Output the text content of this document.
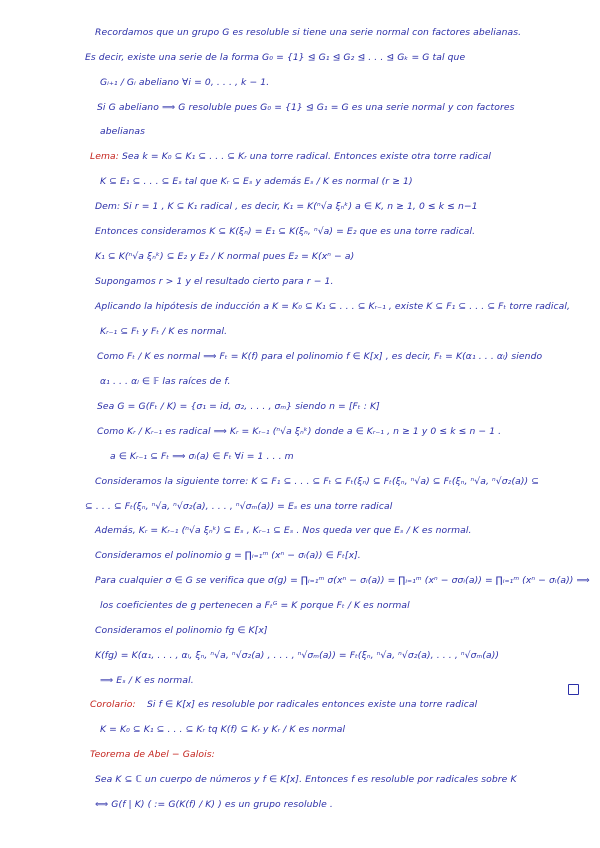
Recordamos que un grupo G es resoluble si tiene una serie normal con factores abelianas.
Es decir, existe una serie de la forma G₀ = {1} ⊴ G₁ ⊴ G₂ ⊴ . . . ⊴ Gₖ = G tal que
Gᵢ₊₁ / Gᵢ abeliano ∀i = 0, . . . , k − 1.
Si G abeliano ⟹ G resoluble pues G₀ = {1} ⊴ G₁ = G es una serie normal y con factores
abelianas
Lema: Sea k = K₀ ⊆ K₁ ⊆ . . . ⊆ Kᵣ una torre radical. Entonces existe otra torre radical
K ⊆ E₁ ⊆ . . . ⊆ Eₛ tal que Kᵣ ⊆ Eₛ y además Eₛ / K es normal (r ≥ 1)
Dem: Si r = 1 , K ⊆ K₁ radical , es decir, K₁ = K(ⁿ√a ξₙᵏ) a ∈ K, n ≥ 1, 0 ≤ k ≤ n−1
Entonces consideramos K ⊆ K(ξₙ) = E₁ ⊆ K(ξₙ, ⁿ√a) = E₂ que es una torre radical.
K₁ ⊆ K(ⁿ√a ξₙᵏ) ⊆ E₂ y E₂ / K normal pues E₂ = K(xⁿ − a)
Supongamos r > 1 y el resultado cierto para r − 1.
Aplicando la hipótesis de inducción a K = K₀ ⊆ K₁ ⊆ . . . ⊆ Kᵣ₋₁ , existe K ⊆ F₁ ⊆ . . . ⊆ Fₜ torre radical,
Kᵣ₋₁ ⊆ Fₜ y Fₜ / K es normal.
Como Fₜ / K es normal ⟹ Fₜ = K(f) para el polinomio f ∈ K[x] , es decir, Fₜ = K(α₁ . . . αₗ) siendo
α₁ . . . αₗ ∈ 𝔽 las raíces de f.
Sea G = G(Fₜ / K) = {σ₁ = id, σ₂, . . . , σₘ} siendo n = [Fₜ : K]
Como Kᵣ / Kᵣ₋₁ es radical ⟹ Kᵣ = Kᵣ₋₁ (ⁿ√a ξₙᵏ) donde a ∈ Kᵣ₋₁ , n ≥ 1 y 0 ≤ k ≤ n − 1 .
a ∈ Kᵣ₋₁ ⊆ Fₜ ⟹ σᵢ(a) ∈ Fₜ ∀i = 1 . . . m
Consideramos la siguiente torre: K ⊆ F₁ ⊆ . . . ⊆ Fₜ ⊆ Fₜ(ξₙ) ⊆ Fₜ(ξₙ, ⁿ√a) ⊆ Fₜ(ξₙ, ⁿ√a, ⁿ√σ₂(a)) ⊆
⊆ . . . ⊆ Fₜ(ξₙ, ⁿ√a, ⁿ√σ₂(a), . . . , ⁿ√σₘ(a)) = Eₛ es una torre radical
Además, Kᵣ = Kᵣ₋₁ (ⁿ√a ξₙᵏ) ⊆ Eₛ , Kᵣ₋₁ ⊆ Eₛ . Nos queda ver que Eₛ / K es normal.
Consideramos el polinomio g = ∏ᵢ₌₁ᵐ (xⁿ − σᵢ(a)) ∈ Fₜ[x].
Para cualquier σ ∈ G se verifica que σ(g) = ∏ᵢ₌₁ᵐ σ(xⁿ − σᵢ(a)) = ∏ᵢ₌₁ᵐ (xⁿ − σσᵢ(a)) = ∏ᵢ₌₁ᵐ (xⁿ − σᵢ(a)) ⟹
los coeficientes de g pertenecen a Fₜᴳ = K porque Fₜ / K es normal
Consideramos el polinomio fg ∈ K[x]
K(fg) = K(α₁, . . . , αₗ, ξₙ, ⁿ√a, ⁿ√σ₂(a) , . . . , ⁿ√σₘ(a)) = Fₜ(ξₙ, ⁿ√a, ⁿ√σ₂(a), . . . , ⁿ√σₘ(a))
⟹ Eₛ / K es normal.
Corolario:	Si f ∈ K[x] es resoluble por radicales entonces existe una torre radical
K = K₀ ⊆ K₁ ⊆ . . . ⊆ Kᵣ tq K(f) ⊆ Kᵣ y Kᵣ / K es normal
Teorema de Abel − Galois:
Sea K ⊆ ℂ un cuerpo de números y f ∈ K[x]. Entonces f es resoluble por radicales sobre K
⟺ G(f | K) ( := G(K(f) / K) ) es un grupo resoluble .
